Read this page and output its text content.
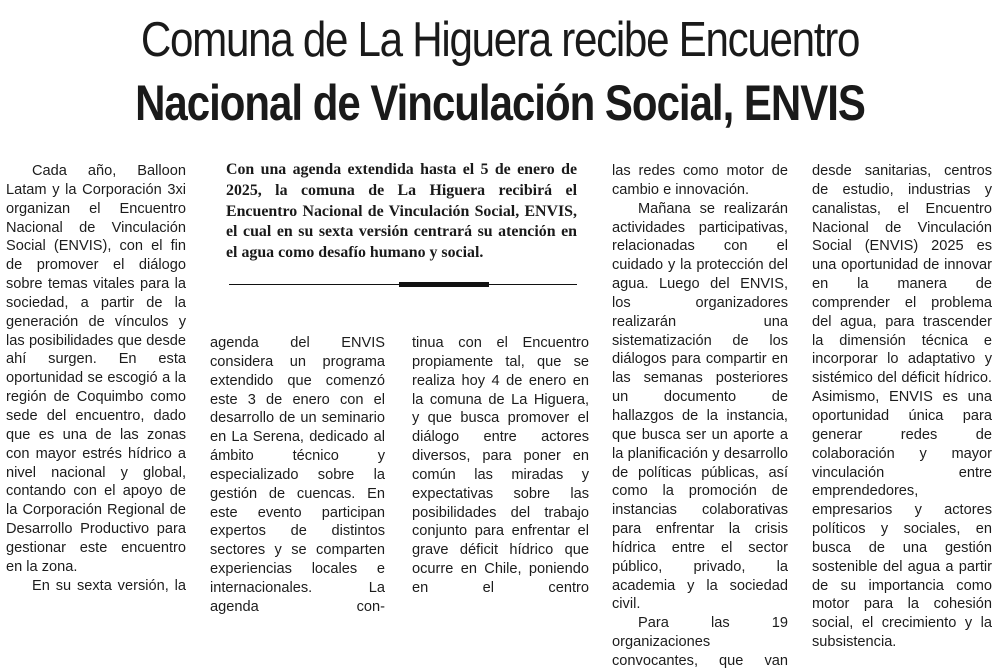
Comuna de La Higuera recibe Encuentro
Nacional de Vinculación Social, ENVIS

Cada año, Balloon Latam y la Corporación 3xi organizan el Encuentro Nacional de Vinculación Social (ENVIS), con el fin de promover el diálogo sobre temas vitales para la sociedad, a partir de la generación de vínculos y las posibilidades que desde ahí surgen. En esta oportunidad se escogió a la región de Coquimbo como sede del encuentro, dado que es una de las zonas con mayor estrés hídrico a nivel nacional y global, contando con el apoyo de la Corporación Regional de Desarrollo Productivo para gestionar este encuentro en la zona.

En su sexta versión, la

Con una agenda extendida hasta el 5 de enero de 2025, la comuna de La Higuera recibirá el Encuentro Nacional de Vinculación Social, ENVIS, el cual en su sexta versión centrará su atención en el agua como desafío humano y social.

agenda del ENVIS considera un programa extendido que comenzó este 3 de enero con el desarrollo de un seminario en La Serena, dedicado al ámbito técnico y especializado sobre la gestión de cuencas. En este evento participan expertos de distintos sectores y se comparten experiencias locales e internacionales. La agenda con-

tinua con el Encuentro propiamente tal, que se realiza hoy 4 de enero en la comuna de La Higuera, y que busca promover el diálogo entre actores diversos, para poner en común las miradas y expectativas sobre las posibilidades del trabajo conjunto para enfrentar el grave déficit hídrico que ocurre en Chile, poniendo en el centro

las redes como motor de cambio e innovación.

Mañana se realizarán actividades participativas, relacionadas con el cuidado y la protección del agua. Luego del ENVIS, los organizadores realizarán una sistematización de los diálogos para compartir en las semanas posteriores un documento de hallazgos de la instancia, que busca ser un aporte a la planificación y desarrollo de políticas públicas, así como la promoción de instancias colaborativas para enfrentar la crisis hídrica entre el sector público, privado, la academia y la sociedad civil.

Para las 19 organizaciones convocantes, que van

desde sanitarias, centros de estudio, industrias y canalistas, el Encuentro Nacional de Vinculación Social (ENVIS) 2025 es una oportunidad de innovar en la manera de comprender el problema del agua, para trascender la dimensión técnica e incorporar lo adaptativo y sistémico del déficit hídrico. Asimismo, ENVIS es una oportunidad única para generar redes de colaboración y mayor vinculación entre emprendedores, empresarios y actores políticos y sociales, en busca de una gestión sostenible del agua a partir de su importancia como motor para la cohesión social, el crecimiento y la subsistencia.
